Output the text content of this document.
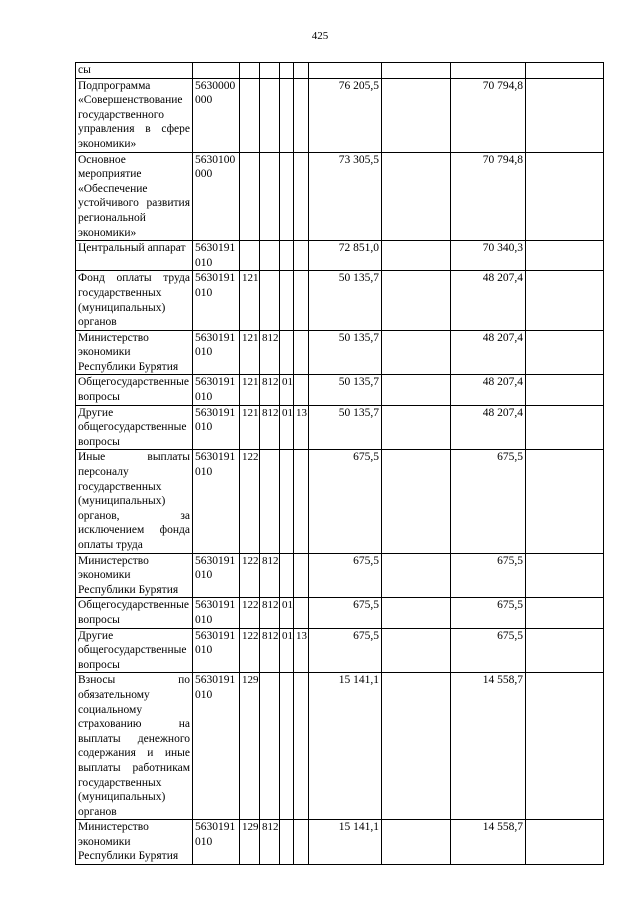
425
сы									
Подпрограмма «Совершенствование государственного управления в сфере экономики»	5630000000					76 205,5		70 794,8	
Основное мероприятие «Обеспечение устойчивого развития региональной экономики»	5630100000					73 305,5		70 794,8	
Центральный аппарат	5630191010					72 851,0		70 340,3	
Фонд оплаты труда государственных (муниципальных) органов	5630191010	121				50 135,7		48 207,4	
Министерство экономики Республики Бурятия	5630191010	121	812			50 135,7		48 207,4	
Общегосударственные вопросы	5630191010	121	812	01		50 135,7		48 207,4	
Другие общегосударственные вопросы	5630191010	121	812	01	13	50 135,7		48 207,4	
Иные выплаты персоналу государственных (муниципальных) органов, за исключением фонда оплаты труда	5630191010	122				675,5		675,5	
Министерство экономики Республики Бурятия	5630191010	122	812			675,5		675,5	
Общегосударственные вопросы	5630191010	122	812	01		675,5		675,5	
Другие общегосударственные вопросы	5630191010	122	812	01	13	675,5		675,5	
Взносы по обязательному социальному страхованию на выплаты денежного содержания и иные выплаты работникам государственных (муниципальных) органов	5630191010	129				15 141,1		14 558,7	
Министерство экономики Республики Бурятия	5630191010	129	812			15 141,1		14 558,7	
